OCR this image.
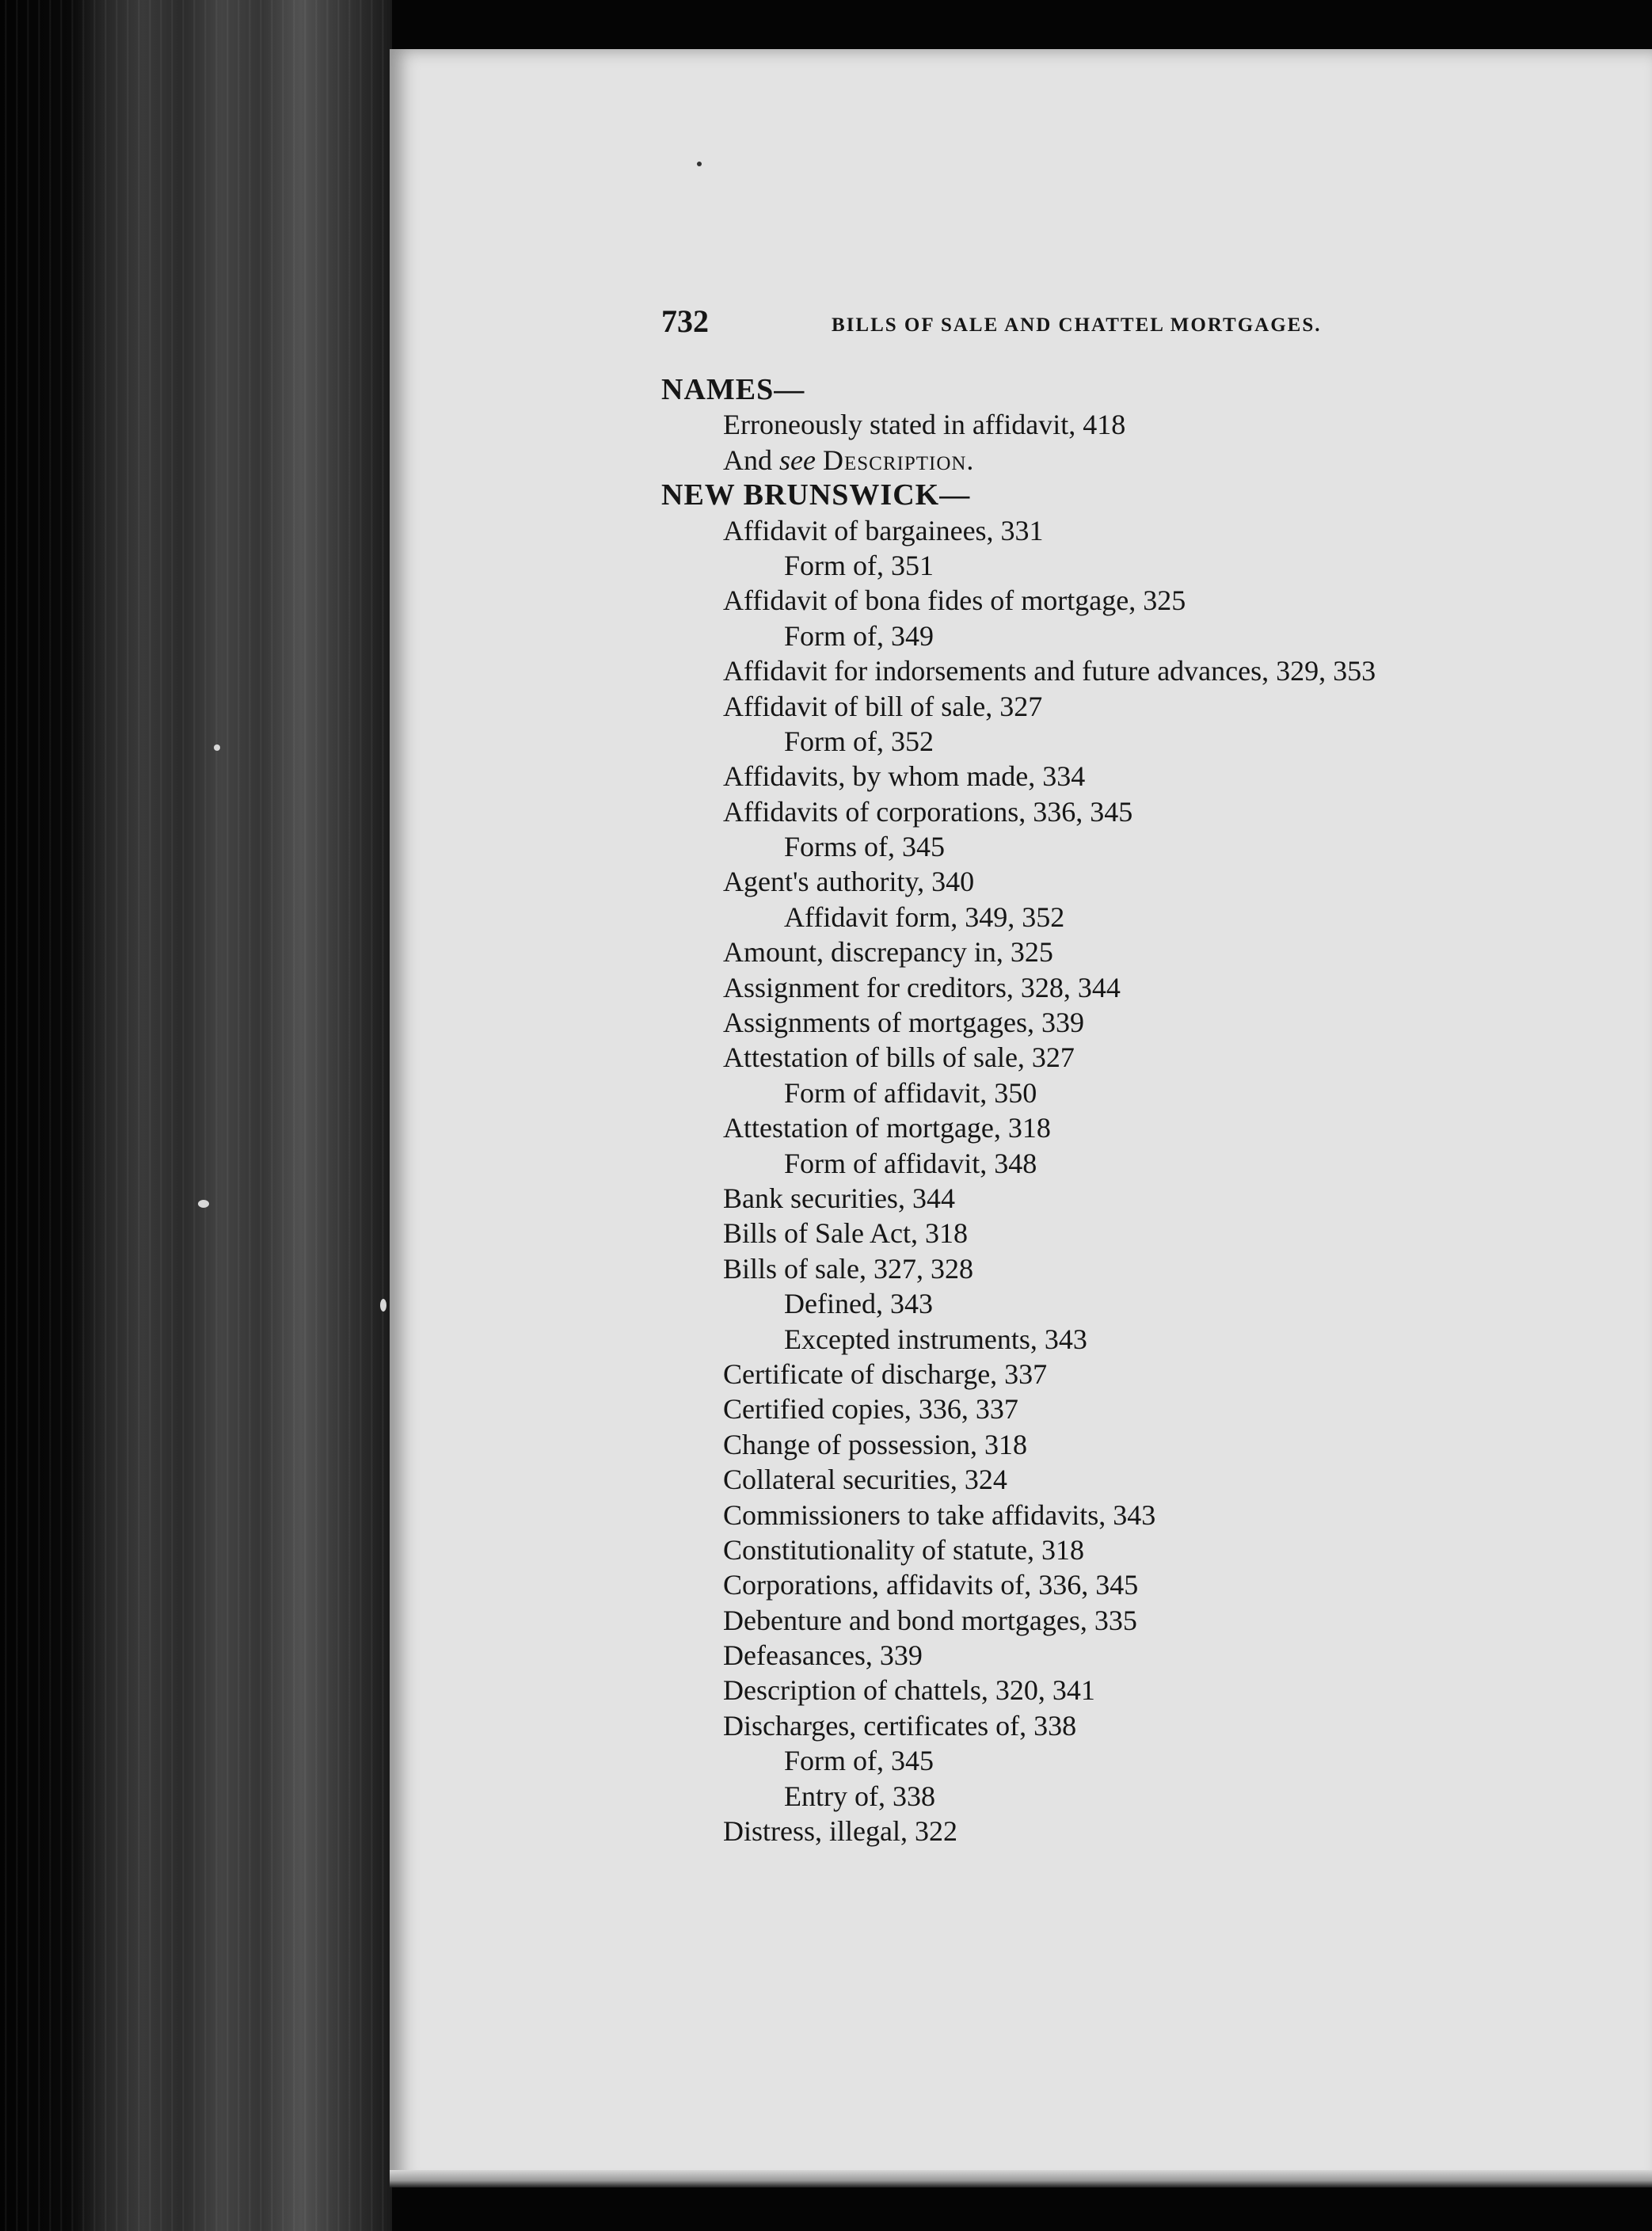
732	BILLS OF SALE AND CHATTEL MORTGAGES.
NAMES—
Erroneously stated in affidavit, 418
And see Description.
NEW BRUNSWICK—
Affidavit of bargainees, 331
Form of, 351
Affidavit of bona fides of mortgage, 325
Form of, 349
Affidavit for indorsements and future advances, 329, 353
Affidavit of bill of sale, 327
Form of, 352
Affidavits, by whom made, 334
Affidavits of corporations, 336, 345
Forms of, 345
Agent's authority, 340
Affidavit form, 349, 352
Amount, discrepancy in, 325
Assignment for creditors, 328, 344
Assignments of mortgages, 339
Attestation of bills of sale, 327
Form of affidavit, 350
Attestation of mortgage, 318
Form of affidavit, 348
Bank securities, 344
Bills of Sale Act, 318
Bills of sale, 327, 328
Defined, 343
Excepted instruments, 343
Certificate of discharge, 337
Certified copies, 336, 337
Change of possession, 318
Collateral securities, 324
Commissioners to take affidavits, 343
Constitutionality of statute, 318
Corporations, affidavits of, 336, 345
Debenture and bond mortgages, 335
Defeasances, 339
Description of chattels, 320, 341
Discharges, certificates of, 338
Form of, 345
Entry of, 338
Distress, illegal, 322
